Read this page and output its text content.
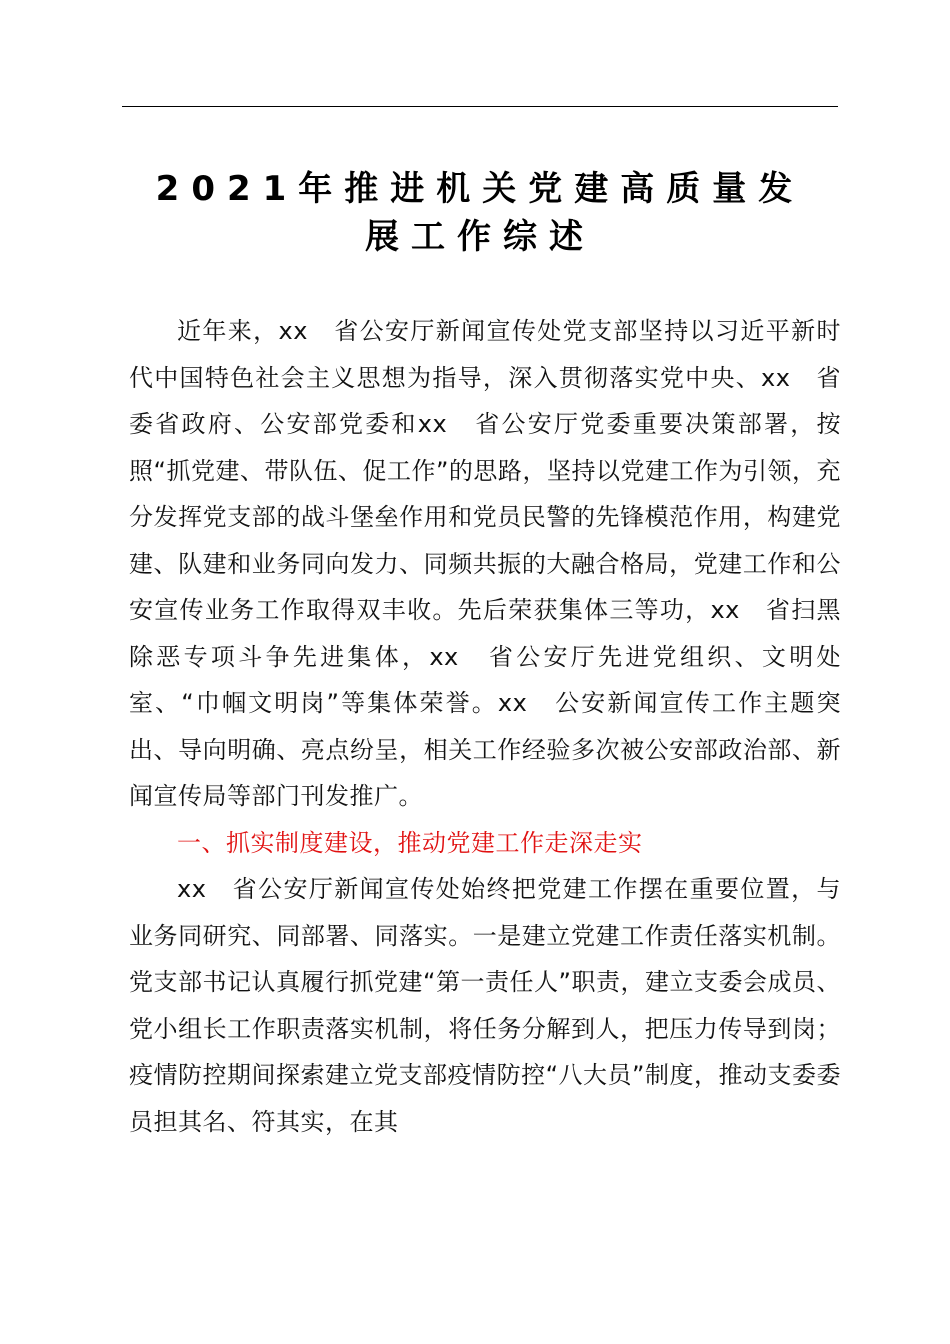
2021年推进机关党建高质量发
展工作综述

近年来，xx　省公安厅新闻宣传处党支部坚持以习近平新时代中国特色社会主义思想为指导，深入贯彻落实党中央、xx　省委省政府、公安部党委和xx　省公安厅党委重要决策部署，按照“抓党建、带队伍、促工作”的思路，坚持以党建工作为引领，充分发挥党支部的战斗堡垒作用和党员民警的先锋模范作用，构建党建、队建和业务同向发力、同频共振的大融合格局，党建工作和公安宣传业务工作取得双丰收。先后荣获集体三等功，xx　省扫黑除恶专项斗争先进集体，xx　省公安厅先进党组织、文明处室、“巾帼文明岗”等集体荣誉。xx　公安新闻宣传工作主题突出、导向明确、亮点纷呈，相关工作经验多次被公安部政治部、新闻宣传局等部门刊发推广。

一、抓实制度建设，推动党建工作走深走实

xx　省公安厅新闻宣传处始终把党建工作摆在重要位置，与业务同研究、同部署、同落实。一是建立党建工作责任落实机制。党支部书记认真履行抓党建“第一责任人”职责，建立支委会成员、党小组长工作职责落实机制，将任务分解到人，把压力传导到岗；疫情防控期间探索建立党支部疫情防控“八大员”制度，推动支委委员担其名、符其实，在其
